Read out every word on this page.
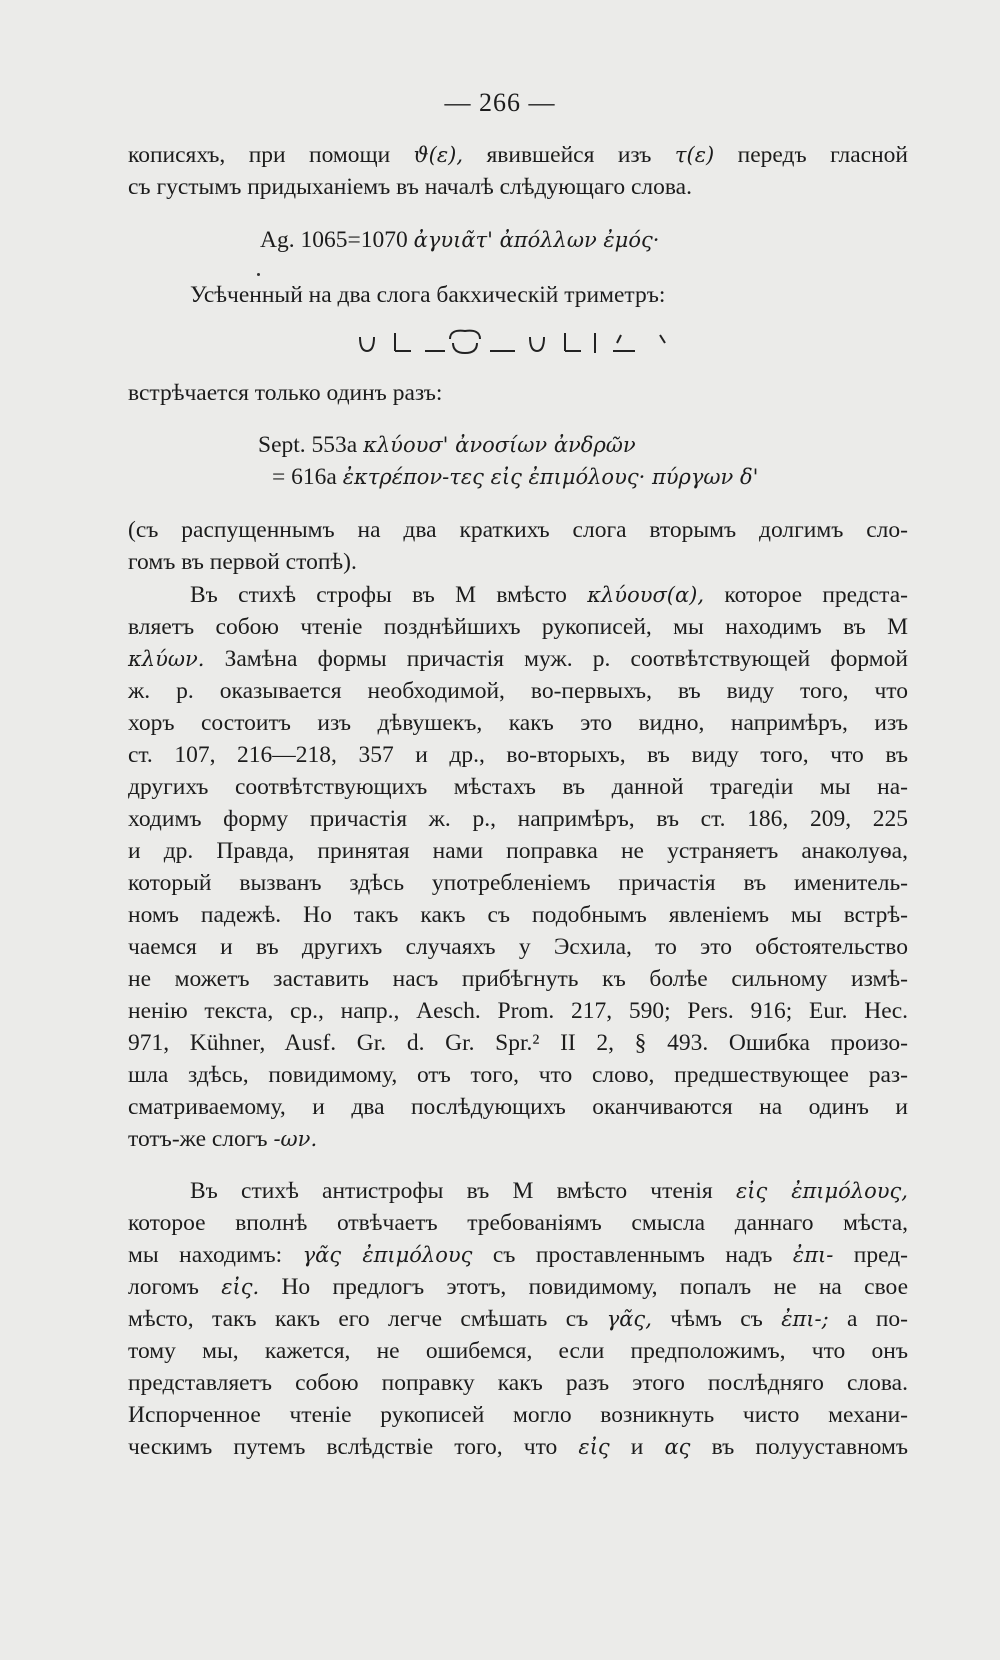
— 266 —
кописяхъ, при помощи ϑ(ε), явившейся изъ τ(ε) передъ гласной
съ густымъ придыханіемъ въ началѣ слѣдующаго слова.
Ag. 1065=1070 ἀγυιᾶτ' ἀπόλλων ἐμός·
Усѣченный на два слога бакхическій триметръ:
встрѣчается только одинъ разъ:
Sept. 553a κλύουσ' ἀνοσίων ἀνδρῶν
= 616a ἐκτρέπον-τες εἰς ἐπιμόλους· πύργων δ'
(съ распущеннымъ на два краткихъ слога вторымъ долгимъ сло-
гомъ въ первой стопѣ).
Въ стихѣ строфы въ М вмѣсто κλύουσ(α), которое предста-
вляетъ собою чтеніе позднѣйшихъ рукописей, мы находимъ въ М
κλύων. Замѣна формы причастія муж. р. соотвѣтствующей формой
ж. р. оказывается необходимой, во-первыхъ, въ виду того, что
хоръ состоитъ изъ дѣвушекъ, какъ это видно, напримѣръ, изъ
ст. 107, 216—218, 357 и др., во-вторыхъ, въ виду того, что въ
другихъ соотвѣтствующихъ мѣстахъ въ данной трагедіи мы на-
ходимъ форму причастія ж. р., напримѣръ, въ ст. 186, 209, 225
и др. Правда, принятая нами поправка не устраняетъ анаколуѳа,
который вызванъ здѣсь употребленіемъ причастія въ именитель-
номъ падежѣ. Но такъ какъ съ подобнымъ явленіемъ мы встрѣ-
чаемся и въ другихъ случаяхъ у Эсхила, то это обстоятельство
не можетъ заставить насъ прибѣгнуть къ болѣе сильному измѣ-
ненію текста, ср., напр., Aesch. Prom. 217, 590; Pers. 916; Eur. Hec.
971, Kühner, Ausf. Gr. d. Gr. Spr.² II 2, § 493. Ошибка произо-
шла здѣсь, повидимому, отъ того, что слово, предшествующее раз-
сматриваемому, и два послѣдующихъ оканчиваются на одинъ и
тотъ-же слогъ -ων.
Въ стихѣ антистрофы въ М вмѣсто чтенія εἰς ἐπιμόλους,
которое вполнѣ отвѣчаетъ требованіямъ смысла даннаго мѣста,
мы находимъ: γᾶς ἐπιμόλους съ проставленнымъ надъ ἐπι- пред-
логомъ εἰς. Но предлогъ этотъ, повидимому, попалъ не на свое
мѣсто, такъ какъ его легче смѣшать съ γᾶς, чѣмъ съ ἐπι-; а по-
тому мы, кажется, не ошибемся, если предположимъ, что онъ
представляетъ собою поправку какъ разъ этого послѣдняго слова.
Испорченное чтеніе рукописей могло возникнуть чисто механи-
ческимъ путемъ вслѣдствіе того, что εἰς и ας въ полууставномъ
